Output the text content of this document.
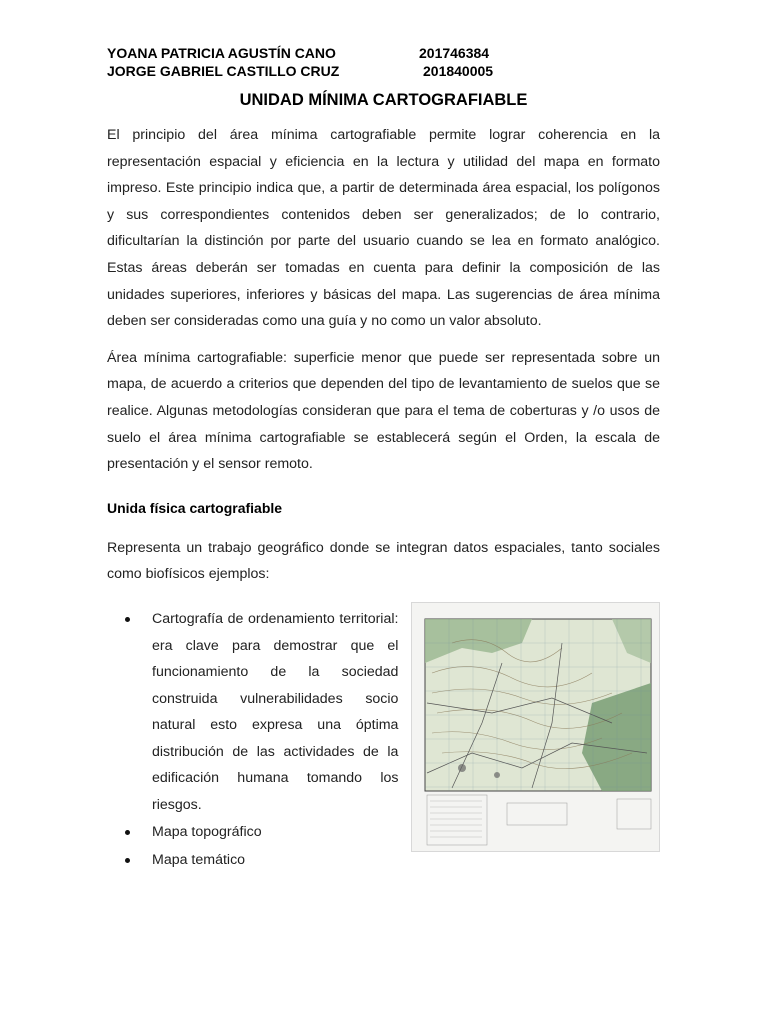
YOANA PATRICIA AGUSTÍN CANO	201746384
JORGE GABRIEL CASTILLO CRUZ	201840005
UNIDAD MÍNIMA CARTOGRAFIABLE

El principio del área mínima cartografiable permite lograr coherencia en la representación espacial y eficiencia en la lectura y utilidad del mapa en formato impreso. Este principio indica que, a partir de determinada área espacial, los polígonos y sus correspondientes contenidos deben ser generalizados; de lo contrario, dificultarían la distinción por parte del usuario cuando se lea en formato analógico. Estas áreas deberán ser tomadas en cuenta para definir la composición de las unidades superiores, inferiores y básicas del mapa. Las sugerencias de área mínima deben ser consideradas como una guía y no como un valor absoluto.

Área mínima cartografiable: superficie menor que puede ser representada sobre un mapa, de acuerdo a criterios que dependen del tipo de levantamiento de suelos que se realice. Algunas metodologías consideran que para el tema de coberturas y /o usos de suelo el área mínima cartografiable se establecerá según el Orden, la escala de presentación y el sensor remoto.

Unida física cartografiable

Representa un trabajo geográfico donde se integran datos espaciales, tanto sociales como biofísicos ejemplos:

Cartografía de ordenamiento territorial: era clave para demostrar que el funcionamiento de la sociedad construida vulnerabilidades socio natural esto expresa una óptima distribución de las actividades de la edificación humana tomando los riesgos.
Mapa topográfico
Mapa temático
